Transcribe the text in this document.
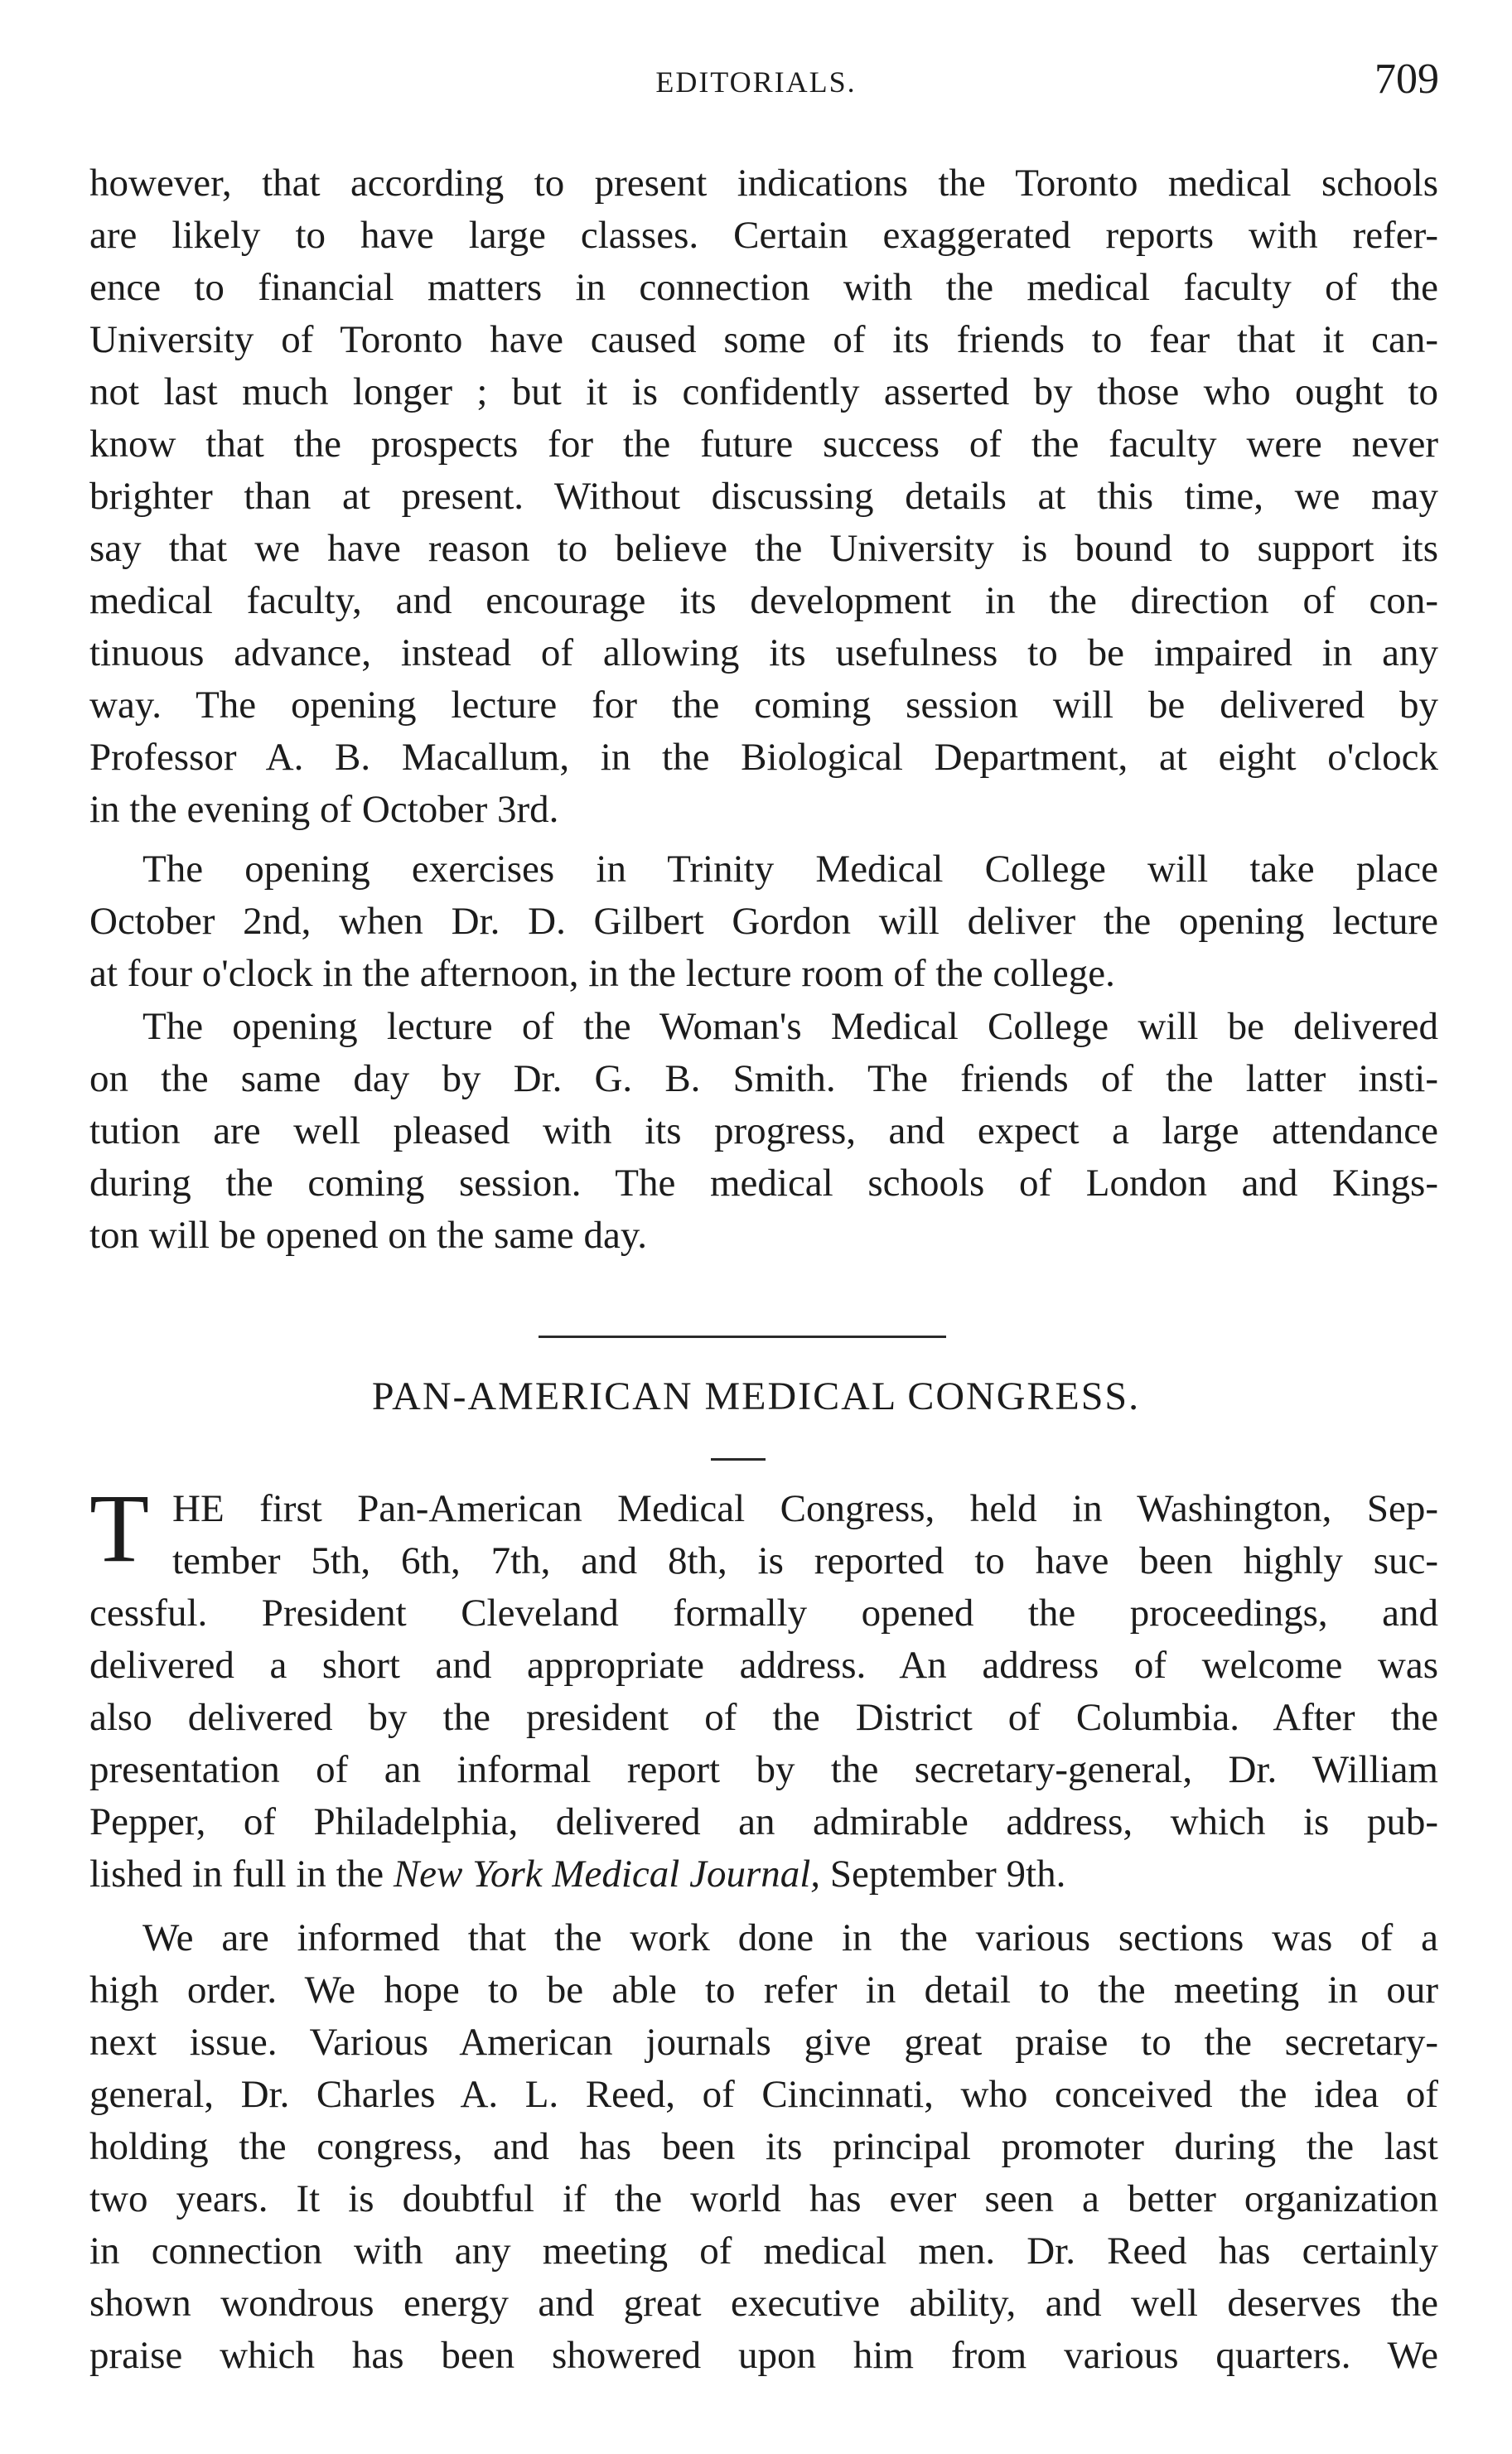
EDITORIALS.	709
however, that according to present indications the Toronto medical schools
are likely to have large classes. Certain exaggerated reports with refer-
ence to financial matters in connection with the medical faculty of the
University of Toronto have caused some of its friends to fear that it can-
not last much longer ; but it is confidently asserted by those who ought to
know that the prospects for the future success of the faculty were never
brighter than at present. Without discussing details at this time, we may
say that we have reason to believe the University is bound to support its
medical faculty, and encourage its development in the direction of con-
tinuous advance, instead of allowing its usefulness to be impaired in any
way. The opening lecture for the coming session will be delivered by
Professor A. B. Macallum, in the Biological Department, at eight o'clock
in the evening of October 3rd.
The opening exercises in Trinity Medical College will take place
October 2nd, when Dr. D. Gilbert Gordon will deliver the opening lecture
at four o'clock in the afternoon, in the lecture room of the college.
The opening lecture of the Woman's Medical College will be delivered
on the same day by Dr. G. B. Smith. The friends of the latter insti-
tution are well pleased with its progress, and expect a large attendance
during the coming session. The medical schools of London and Kings-
ton will be opened on the same day.
PAN-AMERICAN MEDICAL CONGRESS.
T HE first Pan-American Medical Congress, held in Washington, Sep-
tember 5th, 6th, 7th, and 8th, is reported to have been highly suc-
cessful. President Cleveland formally opened the proceedings, and
delivered a short and appropriate address. An address of welcome was
also delivered by the president of the District of Columbia. After the
presentation of an informal report by the secretary-general, Dr. William
Pepper, of Philadelphia, delivered an admirable address, which is pub-
lished in full in the New York Medical Journal, September 9th.
We are informed that the work done in the various sections was of a
high order. We hope to be able to refer in detail to the meeting in our
next issue. Various American journals give great praise to the secretary-
general, Dr. Charles A. L. Reed, of Cincinnati, who conceived the idea of
holding the congress, and has been its principal promoter during the last
two years. It is doubtful if the world has ever seen a better organization
in connection with any meeting of medical men. Dr. Reed has certainly
shown wondrous energy and great executive ability, and well deserves the
praise which has been showered upon him from various quarters. We
